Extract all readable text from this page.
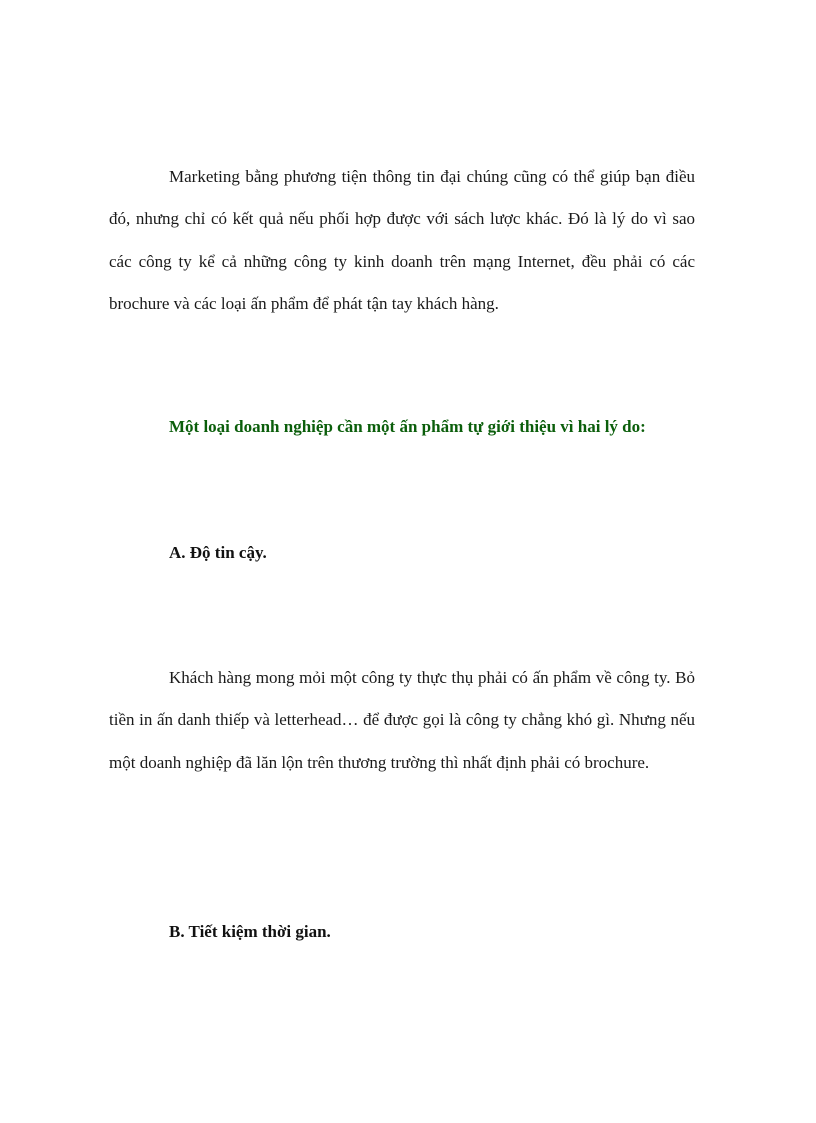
Marketing bằng phương tiện thông tin đại chúng cũng có thể giúp bạn điều đó, nhưng chỉ có kết quả nếu phối hợp được với sách lược khác. Đó là lý do vì sao các công ty kể cả những công ty kinh doanh trên mạng Internet, đều phải có các brochure và các loại ấn phẩm để phát tận tay khách hàng.

Một loại doanh nghiệp cần một ấn phẩm tự giới thiệu vì hai lý do:

A. Độ tin cậy.

Khách hàng mong mỏi một công ty thực thụ phải có ấn phẩm về công ty. Bỏ tiền in ấn danh thiếp và letterhead… để được gọi là công ty chẳng khó gì. Nhưng nếu một doanh nghiệp đã lăn lộn trên thương trường thì nhất định phải có brochure.

B. Tiết kiệm thời gian.
